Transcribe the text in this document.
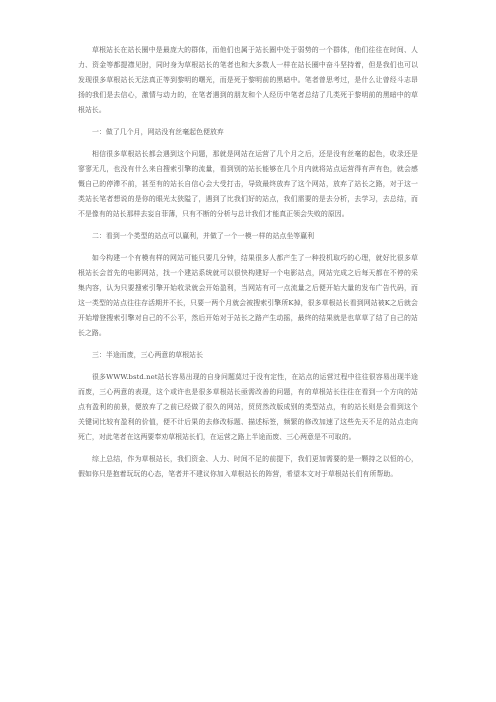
草根站长在站长圈中是最庞大的群体，而他们也属于站长圈中处于弱势的一个群体，他们往往在时间、人力、资金等都提襟见肘，同时身为草根站长的笔者也和大多数人一样在站长圈中奋斗坚持着，但是我们也可以发现很多草根站长无法真正等到黎明的曙光，而是死于黎明前的黑暗中。笔者曾思考过，是什么让曾经斗志昂扬的我们是去信心，激情与动力的，在笔者遇到的朋友和个人经历中笔者总结了几类死于黎明前的黑暗中的草根站长。

一：做了几个月，网站没有丝毫起色便放弃

相信很多草根站长都会遇到这个问题，那就是网站在运营了几个月之后，还是没有丝毫的起色，收录还是寥寥无几，也没有什么来自搜索引擎的流量，看到别的站长能够在几个月内就将站点运营得有声有色，就会感慨自己的停滞不前，甚至有的站长自信心会大受打击，导致最终放弃了这个网站，放弃了站长之路，对于这一类站长笔者想说的是你的眼光太狭隘了，遇到了比我们好的站点，我们需要的是去分析，去学习，去总结，而不是像有的站长那样去妄自菲薄，只有不断的分析与总计我们才能真正领会失败的原因。

二：看到一个类型的站点可以赢利，并做了一个一模一样的站点坐等赢利

如今构建一个有模有样的网站可能只要几分钟，结果很多人都产生了一种投机取巧的心理，就好比很多草根站长会首先的电影网站，找一个建站系统就可以很快构建好一个电影站点，网站完成之后每天都在不停的采集内容，认为只要搜索引擎开始收录就会开始盈利，当网站有可一点流量之后便开始大量的发布广告代码，而这一类型的站点往往存活期并不长，只要一两个月就会被搜索引擎所K掉，很多草根站长看到网站被K之后就会开始增登搜索引擎对自己的不公平，然后开始对于站长之路产生动摇，最终的结果就是也草草了结了自己的站长之路。

三：半途而废，三心两意的草根站长

很多WWW.bstd.net站长容易出现的自身问题莫过于没有定性，在站点的运营过程中往往很容易出现半途而废，三心两意的表现，这个或许也是很多草根站长亟需改善的问题，有的草根站长往往在看到一个方向的站点有盈利的前景，便放弃了之前已经做了很久的网站，贸贸然改版成别的类型站点，有的站长则是会看到这个关键词比较有盈利的价值，便不计后果的去修改标题、描述标签，频繁的修改加速了这些先天不足的站点走向死亡，对此笔者在这两要奉劝草根站长们，在运营之路上半途而废、三心两意是不可取的。

综上总结，作为草根站长，我们资金、人力、时间不足的前提下，我们更加需要的是一颗持之以恒的心，假如你只是抱着玩玩的心态，笔者并不建议你加入草根站长的阵营，希望本文对于草根站长们有所帮助。
